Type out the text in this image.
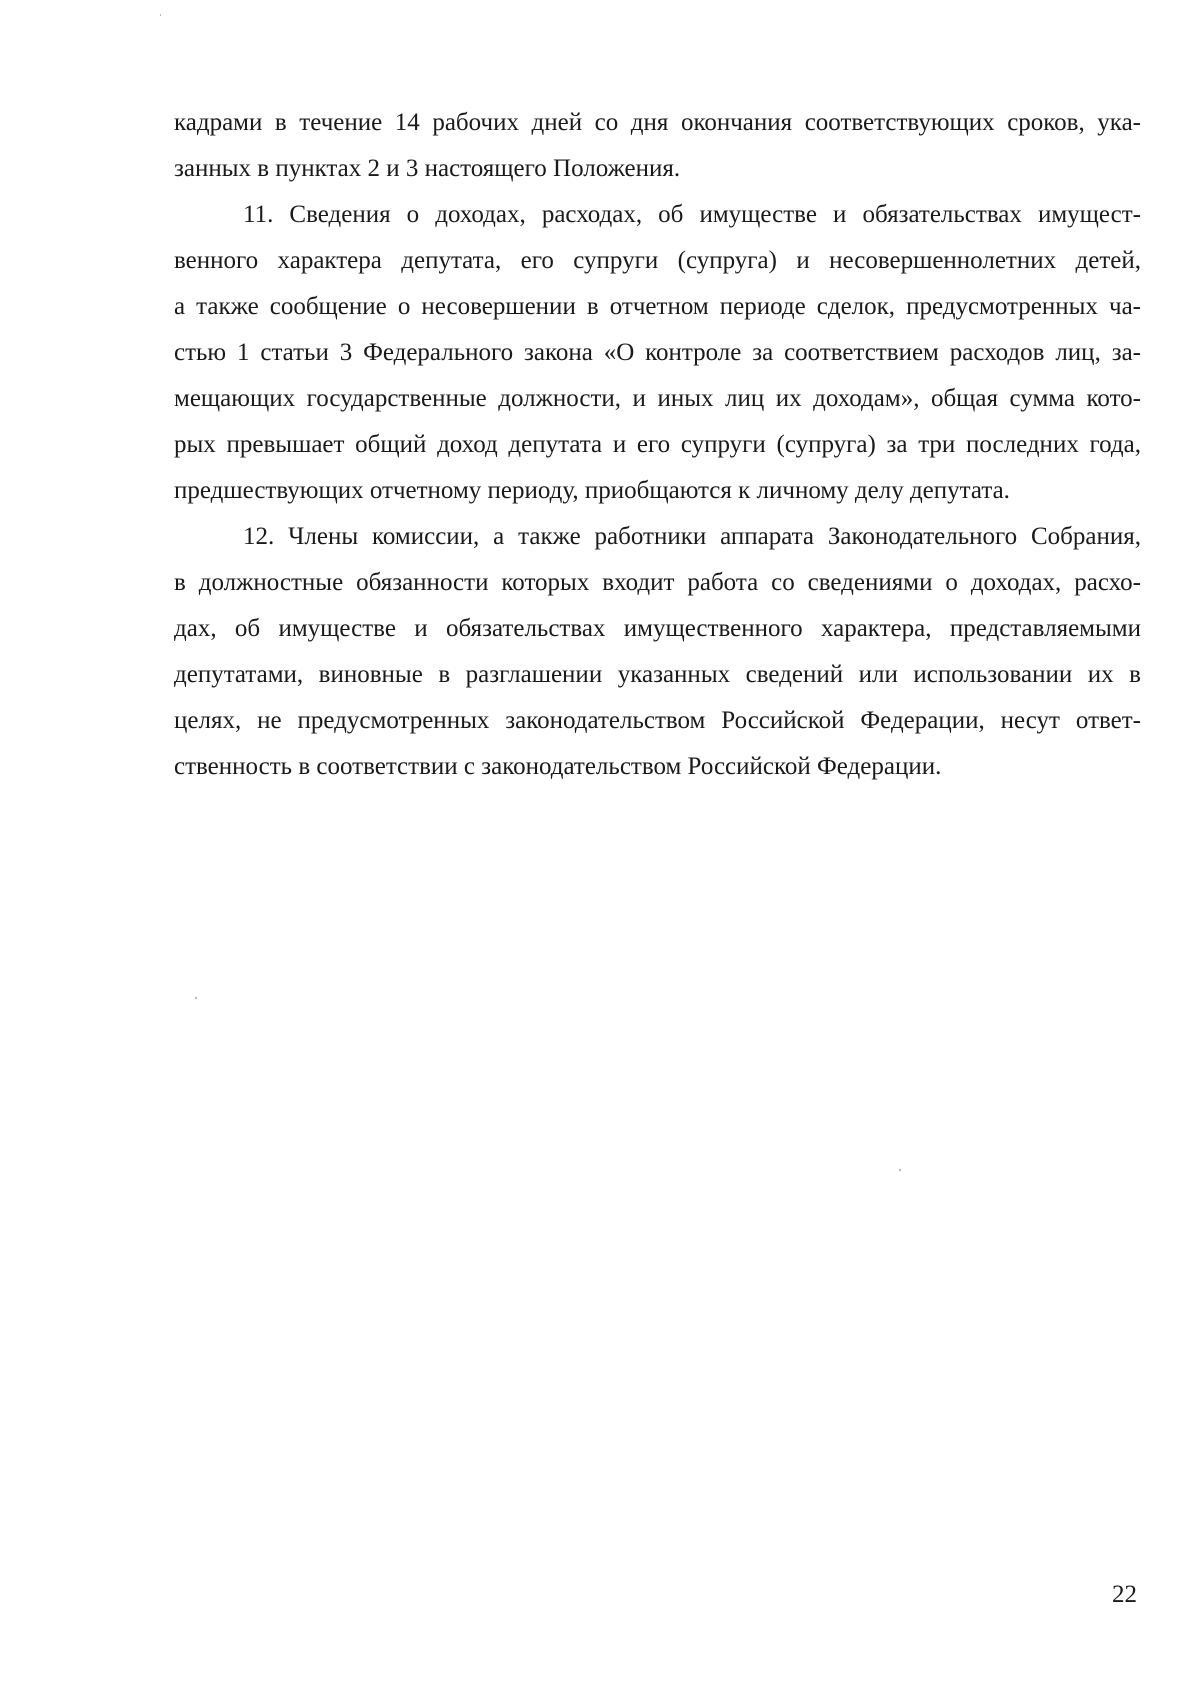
кадрами в течение 14 рабочих дней со дня окончания соответствующих сроков, ука-
занных в пунктах 2 и 3 настоящего Положения.
11. Сведения о доходах, расходах, об имуществе и обязательствах имущест-
венного характера депутата, его супруги (супруга) и несовершеннолетних детей,
а также сообщение о несовершении в отчетном периоде сделок, предусмотренных ча-
стью 1 статьи 3 Федерального закона «О контроле за соответствием расходов лиц, за-
мещающих государственные должности, и иных лиц их доходам», общая сумма кото-
рых превышает общий доход депутата и его супруги (супруга) за три последних года,
предшествующих отчетному периоду, приобщаются к личному делу депутата.
12. Члены комиссии, а также работники аппарата Законодательного Собрания,
в должностные обязанности которых входит работа со сведениями о доходах, расхо-
дах, об имуществе и обязательствах имущественного характера, представляемыми
депутатами, виновные в разглашении указанных сведений или использовании их в
целях, не предусмотренных законодательством Российской Федерации, несут ответ-
ственность в соответствии с законодательством Российской Федерации.
22
